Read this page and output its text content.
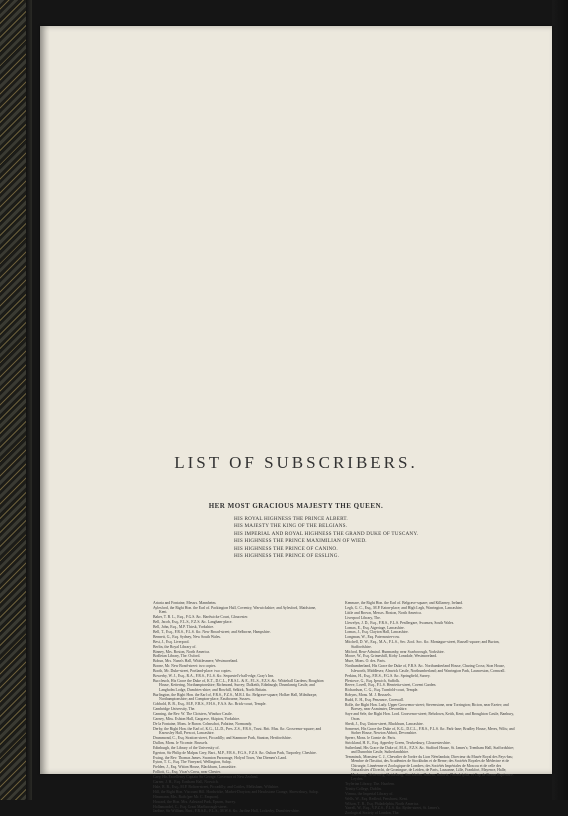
LIST OF SUBSCRIBERS.
HER MOST GRACIOUS MAJESTY THE QUEEN.
HIS ROYAL HIGHNESS THE PRINCE ALBERT.
HIS MAJESTY THE KING OF THE BELGIANS.
HIS IMPERIAL AND ROYAL HIGHNESS THE GRAND DUKE OF TUSCANY.
HIS HIGHNESS THE PRINCE MAXIMILIAN OF WIED.
HIS HIGHNESS THE PRINCE OF CANINO.
HIS HIGHNESS THE PRINCE OF ESSLING.
Artaria and Fontaine, Messrs. Mannheim.
Aylesford, the Right Hon. the Earl of. Packington Hall, Coventry, Warwickshire; and Aylesford, Maidstone, Kent.
Baker, T. B. L., Esq., F.G.S. &c. Hardwicke Court, Gloucester.
Bell, Jacob, Esq., F.L.S., F.Z.S. &c. Langham-place.
Bell, John, Esq., M.P. Thirsk, Yorkshire.
Bell, T., Esq., F.R.S., F.L.S. &c. New Broad-street; and Selborne, Hampshire.
Bennett, G., Esq. Sydney, New South Wales.
Best, J., Esq. Liverpool.
Berlin, the Royal Library of.
Binney, Mrs. Boston, North America.
Bodleian Library, The. Oxford.
Bohun, Mrs. Nunn's Hall, Whittlesmere, Westmoreland.
Boone, Mr. New Bond-street: two copies.
Booth, Mr. Duke-street, Portland-place: two copies.
Bowerby, W. J., Esq., R.A., F.R.S., F.L.S. &c. Sequestel's-hall-edge, Gray's Inn.
Buccleuch, His Grace the Duke of, K.T., D.C.L., F.R.S.L. & E., F.L.S., F.Z.S. &c. Whitehall Gardens; Boughton House, Kettering, Northamptonshire; Richmond, Surrey; Dalkeith, Edinburgh; Drumlanrig Castle, and Langholm Lodge, Dumfries-shire; and Bowhill, Selkirk, North Britain.
Burlington, the Right Hon. the Earl of, F.R.S., F.Z.S., M.R.I. &c. Belgrave-square; Holker Hall, Milnthorpe, Northamptonshire; and Compton-place, Eastbourne, Sussex.
Cobbold, B. B., Esq., M.P., F.R.S., F.H.S., F.A.S. &c. Brick-court, Temple.
Cambridge University, The.
Canning, the Rev. W. The Cloisters, Windsor Castle.
Carney, Miss. Eshton Hall, Gargrave, Skipton, Yorkshire.
De la Fontaine, Mons. le Baron. Colmschot, Palatine, Normandy.
Derby, the Right Hon. the Earl of, K.G., LL.D., Pres. Z.S., F.R.S., Trust. Brit. Mus. &c. Grosvenor-square; and Knowsley Hall, Prescot, Lancashire.
Drummond, C., Esq. Stratton-street, Piccadilly; and Stanmore Park, Stanton, Hertfordshire.
Dullon, Mons. le Vicomte. Brussels.
Edinburgh, the Library of the University of.
Egerton, Sir Philip de Malpas Grey, Bart., M.P., F.R.S., F.G.S., F.Z.S. &c. Oulton Park, Tarporley, Cheshire.
Ewing, the Rev. Thomas James. Swanton Parsonage, Holyrd Town, Van Diemen's Land.
Eyton, T. C., Esq. The Vineyard, Wellington, Salop.
Fielden, J., Esq. Witton House, Blackburn, Lancashire.
Folliott, G., Esq. Vicar's Cross, near Chester.
Grey, His Excellency Captain Sir George, Governor of New Zealand.
Garner, J. H., Esq. Eastham Hall, Norwich.
Hale, R. B., Esq., M.P. Bolton-street, Piccadilly; and Cottles, Melksham, Wiltshire.
Hill, the Right Hon. Viscount Hill. Hardwicke, Market-Drayton; and Hawkstone Grange, Shrewsbury, Salop.
Hinsmann, Mrs. Bath (per Mr. C. Empson).
Howard, the Hon. Mrs. Ashstead Park, Epsom, Surrey.
Hollamondel, C., Esq. Great Marlborough-street.
Jardine, Sir William, Bart., F.R.S.E., F.L.S., M.W.S. &c. Jardine Hall, Lockerby, Dumfries-shire.
Kenmare, the Right Hon. the Earl of. Belgrave-square; and Killarney, Ireland.
Legh, G. C., Esq., M.P. Eaton-place; and High Legh, Warrington, Lancashire.
Little and Brown, Messrs. Boston, North America.
Liverpool Library, The.
Llewelyn, J. D., Esq., F.R.S., F.L.S. Penllergare, Swansea, South Wales.
Lomax, E., Esq. Aigeriage, Lancashire.
Lomax, J., Esq. Clayton Hall, Lancashire.
Longman, W., Esq. Paternoster-row.
Mitchell, D. W., Esq., M.A., F.L.S., Sec. Zool. Soc. &c. Montague-street, Russell-square; and Burton, Staffordshire.
Mitford, Rear-Admiral. Hunmanby, near Scarborough, Yorkshire.
Moore, W., Esq. Grimeshill, Kirby Lonsdale, Westmoreland.
Mure, Mons. O. des. Paris.
Northumberland, His Grace the Duke of, F.R.S. &c. Northumberland House, Charing Cross; Sion House, Isleworth, Middlesex; Alnwick Castle, Northumberland; and Warrington Park, Launceston, Cornwall.
Perkins, H., Esq., F.R.S., F.G.S. &c. Springfield, Surrey.
Plestowe, G., Esq. Ipswich, Suffolk.
Reeve, Lovell, Esq., F.L.S. Henrietta-street, Covent Garden.
Richardson, C. G., Esq. Turnfold-court, Temple.
Robyns, Mons. M. J. Brussels.
Rudd, E. H., Esq. Penzance, Cornwall.
Rolle, the Right Hon. Lady. Upper Grosvenor-street; Stevenstone, near Torrington; Bicton, near Exeter; and Boesey, near Axminster, Devonshire.
Saye and Sele, the Right Hon. Lord. Grosvenor-street; Belsdown, Keith, Kent; and Broughton Castle, Banbury, Oxon.
Shedt, J., Esq. Union-street, Blackburn, Lancashire.
Somerset, His Grace the Duke of, K.G., D.C.L., F.R.S., F.L.S. &c. Park-lane; Bradley House, Meres, Wilts; and Stober House, Newton Abbott, Devonshire.
Speerr, Mons. le Comte de. Paris.
Strickland, H. E., Esq. Apperley Green, Tewkesbury, Gloucestershire.
Sutherland, His Grace the Duke of, M.A., F.Z.S. &c. Stafford House, St. James's; Trentham Hall, Staffordshire; and Dunrobin Castle, Sutherlandshire.
Temminck, Monsieur C. J., Chevalier de l'ordre du Lion Néerlandais; Directeur du Musée Royal des Pays-bas; Membre de l'Institut, des Académies de Stockholm et de Berne; des Sociétés Royales de Médecine et de Chirurgie, Linnéenne et Zoologique de Londres; des Sociétés Impériales de Moscou et de celle des Naturalistes d'Utrecht, de Groningue, de Leiden, de Paris, Lausanne, Lille, Frankfort, Mayence, Halle, Marbourg, Wetteravig, Heidelberg, Stockholm, Harlem, Batavia, Philadelphia, et Cap de Bonne Espérance. Leyden.
Teylerian Library, The. Haarlem.
Trinity College, Dublin.
Vienna, the Imperial Library of.
Wells, W., Esq. Redleaf, Penshurst, Kent.
Wilson, T. B., Esq. Philadelphia, North America.
Yarrell, W., Esq., V.P.Z.S., F.L.S. &c. Ryder-street, St. James's.
Zoological Society of London, The.
